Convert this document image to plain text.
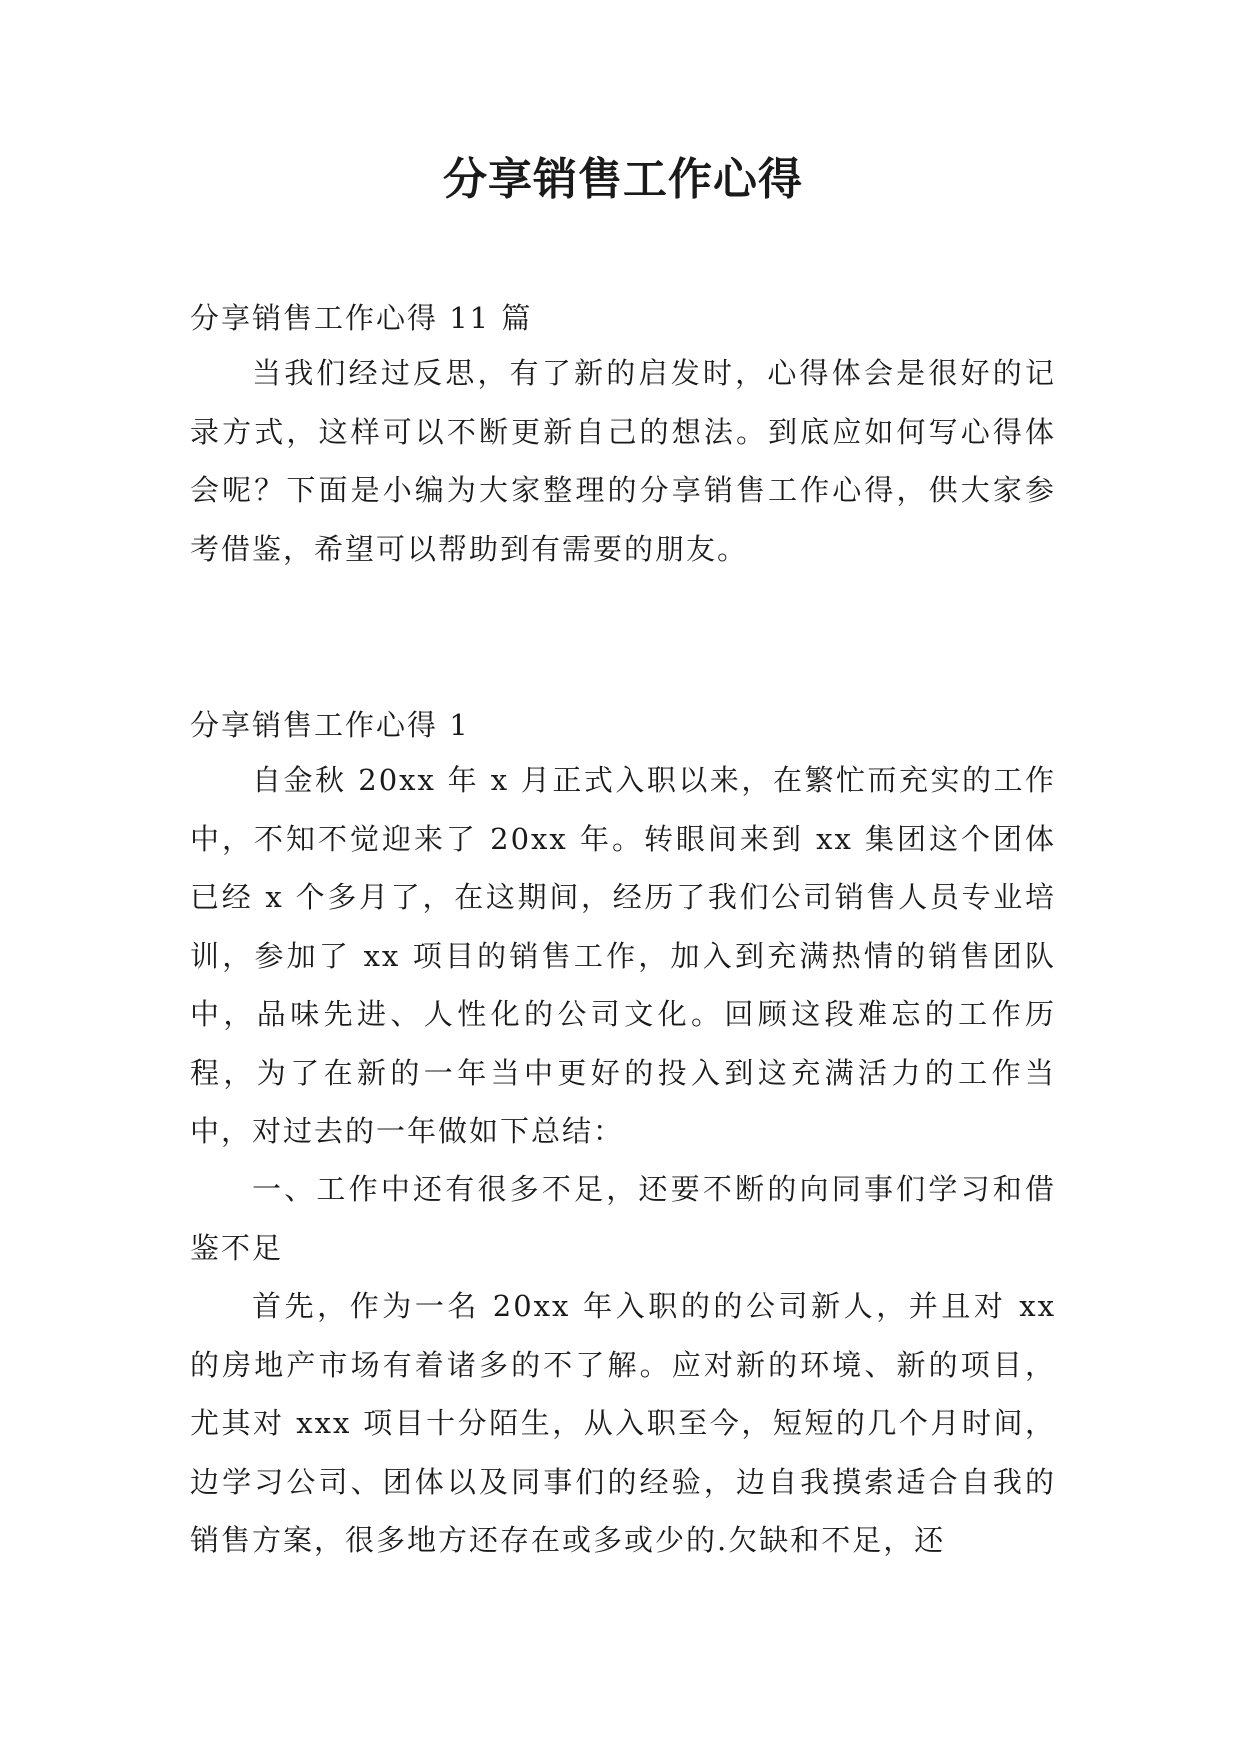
分享销售工作心得

分享销售工作心得 11 篇

当我们经过反思，有了新的启发时，心得体会是很好的记录方式，这样可以不断更新自己的想法。到底应如何写心得体会呢？下面是小编为大家整理的分享销售工作心得，供大家参考借鉴，希望可以帮助到有需要的朋友。

分享销售工作心得 1

自金秋 20xx 年 x 月正式入职以来，在繁忙而充实的工作中，不知不觉迎来了 20xx 年。转眼间来到 xx 集团这个团体已经 x 个多月了，在这期间，经历了我们公司销售人员专业培训，参加了 xx 项目的销售工作，加入到充满热情的销售团队中，品味先进、人性化的公司文化。回顾这段难忘的工作历程，为了在新的一年当中更好的投入到这充满活力的工作当中，对过去的一年做如下总结：

一、工作中还有很多不足，还要不断的向同事们学习和借鉴不足

首先，作为一名 20xx 年入职的的公司新人，并且对 xx 的房地产市场有着诸多的不了解。应对新的环境、新的项目，尤其对 xxx 项目十分陌生，从入职至今，短短的几个月时间，边学习公司、团体以及同事们的经验，边自我摸索适合自我的销售方案，很多地方还存在或多或少的.欠缺和不足，还
